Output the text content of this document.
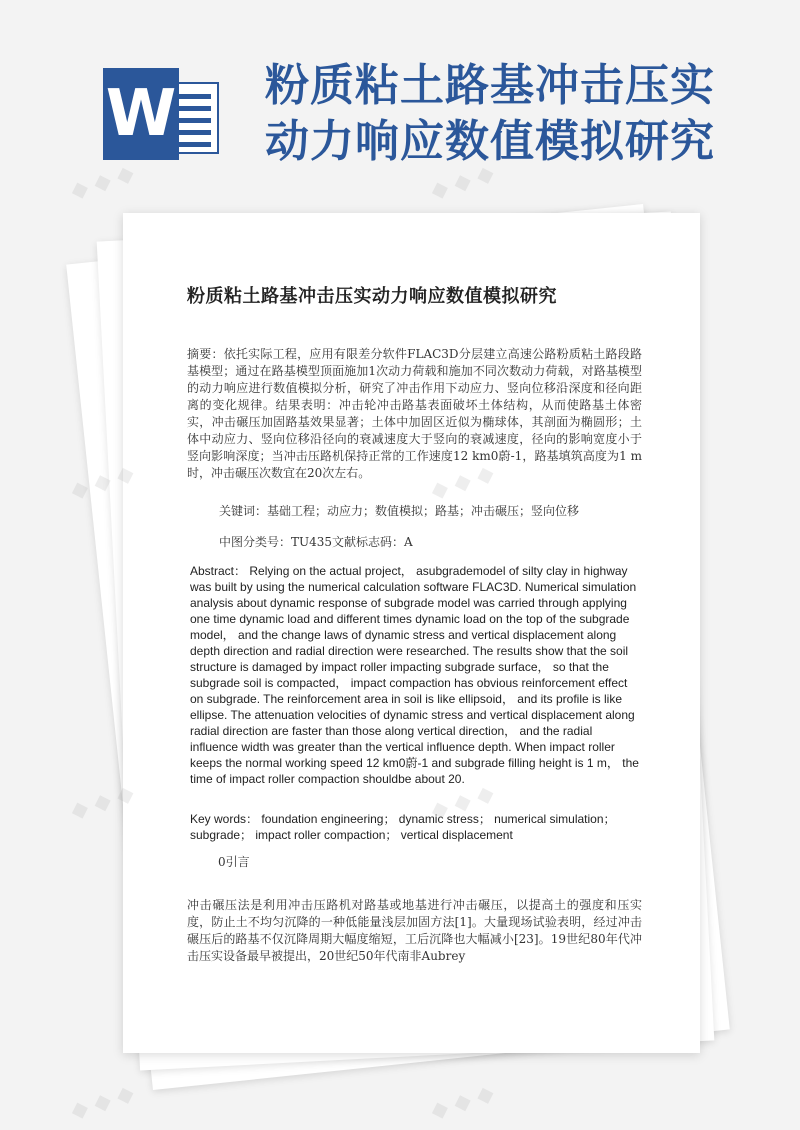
W 粉质粘土路基冲击压实
动力响应数值模拟研究
粉质粘土路基冲击压实动力响应数值模拟研究
摘要：依托实际工程，应用有限差分软件FLAC3D分层建立高速公路粉质粘土路段路基模型；通过在路基模型顶面施加1次动力荷载和施加不同次数动力荷载，对路基模型的动力响应进行数值模拟分析，研究了冲击作用下动应力、竖向位移沿深度和径向距离的变化规律。结果表明：冲击轮冲击路基表面破坏土体结构，从而使路基土体密实，冲击碾压加固路基效果显著；土体中加固区近似为椭球体，其剖面为椭圆形；土体中动应力、竖向位移沿径向的衰减速度大于竖向的衰减速度，径向的影响宽度小于竖向影响深度；当冲击压路机保持正常的工作速度12 km0蔚-1，路基填筑高度为1 m时，冲击碾压次数宜在20次左右。
关键词：基础工程；动应力；数值模拟；路基；冲击碾压；竖向位移
中图分类号：TU435文献标志码：A

Abstract： Relying on the actual project， asubgrademodel of silty clay in highway was built by using the numerical calculation software FLAC3D. Numerical simulation analysis about dynamic response of subgrade model was carried through applying one time dynamic load and different times dynamic load on the top of the subgrade model， and the change laws of dynamic stress and vertical displacement along depth direction and radial direction were researched. The results show that the soil structure is damaged by impact roller impacting subgrade surface， so that the subgrade soil is compacted， impact compaction has obvious reinforcement effect on subgrade. The reinforcement area in soil is like ellipsoid， and its profile is like ellipse. The attenuation velocities of dynamic stress and vertical displacement along radial direction are faster than those along vertical direction， and the radial influence width was greater than the vertical influence depth. When impact roller keeps the normal working speed 12 km0蔚-1 and subgrade filling height is 1 m， the time of impact roller compaction shouldbe about 20.

Key words： foundation engineering； dynamic stress； numerical simulation； subgrade； impact roller compaction； vertical displacement

0引言
冲击碾压法是利用冲击压路机对路基或地基进行冲击碾压，以提高土的强度和压实度，防止土不均匀沉降的一种低能量浅层加固方法[1]。大量现场试验表明，经过冲击碾压后的路基不仅沉降周期大幅度缩短，工后沉降也大幅减小[23]。19世纪80年代冲击压实设备最早被提出，20世纪50年代南非Aubrey
◆ ◆ ◆	◆ ◆ ◆
◆ ◆ ◆
◆ ◆ ◆	◆ ◆ ◆
